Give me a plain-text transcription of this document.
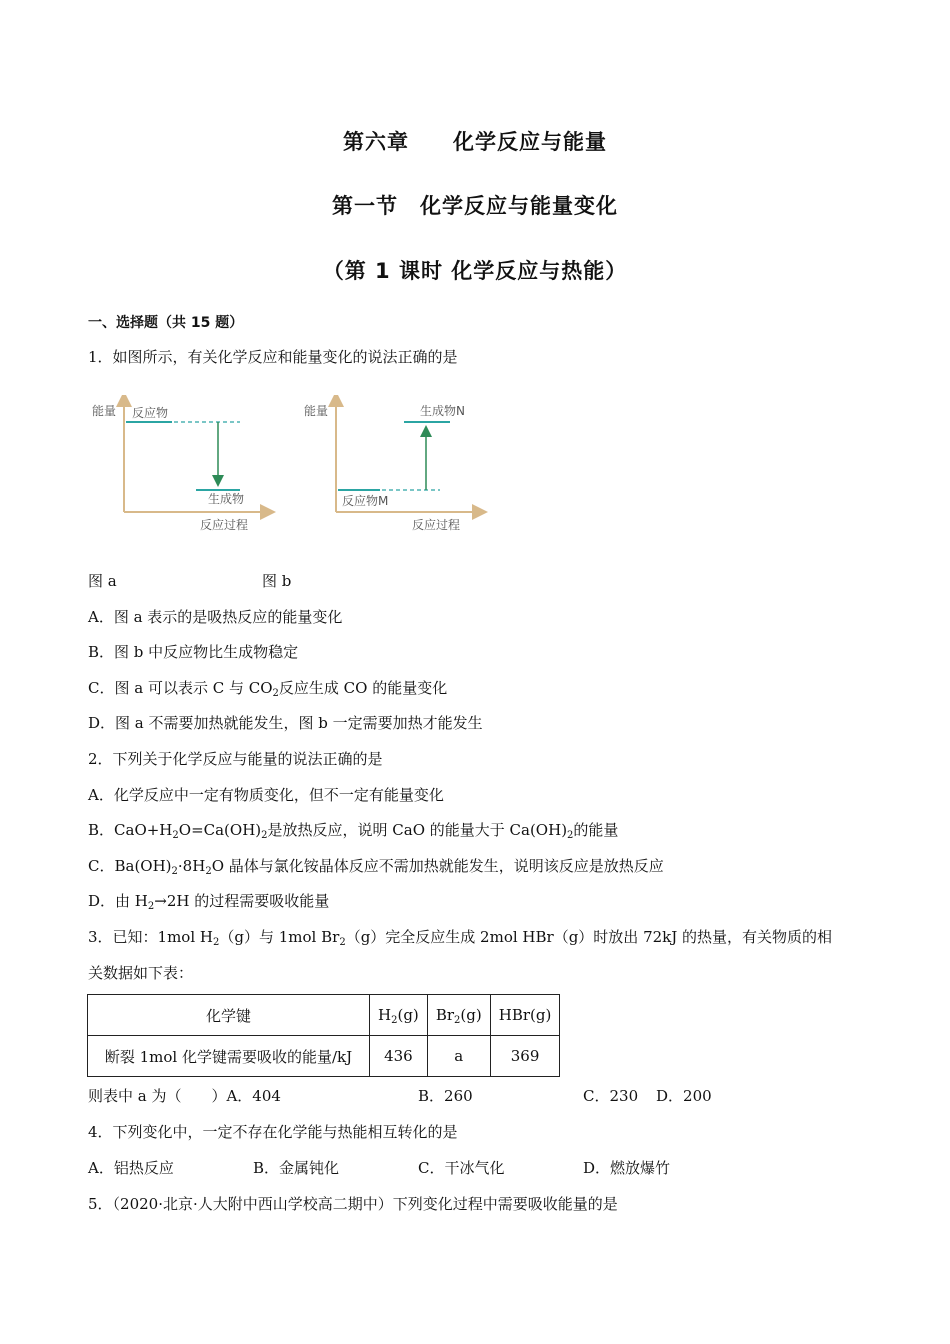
第六章　　化学反应与能量
第一节　化学反应与能量变化
（第 1 课时 化学反应与热能）
一、选择题（共 15 题）
1．如图所示，有关化学反应和能量变化的说法正确的是
能量 反应物
生成物
反应过程
能量	生成物N
反应物M
反应过程
图 a	图 b
A．图 a 表示的是吸热反应的能量变化
B．图 b 中反应物比生成物稳定
C．图 a 可以表示 C 与 $CO_2$反应生成 CO 的能量变化
D．图 a 不需要加热就能发生，图 b 一定需要加热才能发生
2．下列关于化学反应与能量的说法正确的是
A．化学反应中一定有物质变化，但不一定有能量变化
B．$CaO+H_2O=Ca(OH)_2$是放热反应，说明 CaO 的能量大于 $Ca(OH)_2$的能量
C．$Ba(OH)_2\cdot 8H_2O$ 晶体与氯化铵晶体反应不需加热就能发生，说明该反应是放热反应
D．由 $H_2\to 2H$ 的过程需要吸收能量
3．已知：1mol $H_2(g)$与 1mol $Br_2(g)$完全反应生成 2mol HBr（g）时放出 72kJ 的热量，有关物质的相
关数据如下表：
化学键	$H_2(g)$	$Br_2(g)$	HBr(g)
断裂 1mol 化学键需要吸收的能量/kJ	436	a	369
则表中 a 为（　　）A．404	B．260	C．230 D．200
4．下列变化中，一定不存在化学能与热能相互转化的是
A．铝热反应	B．金属钝化	C．干冰气化	D．燃放爆竹
5．（2020·北京·人大附中西山学校高二期中）下列变化过程中需要吸收能量的是
